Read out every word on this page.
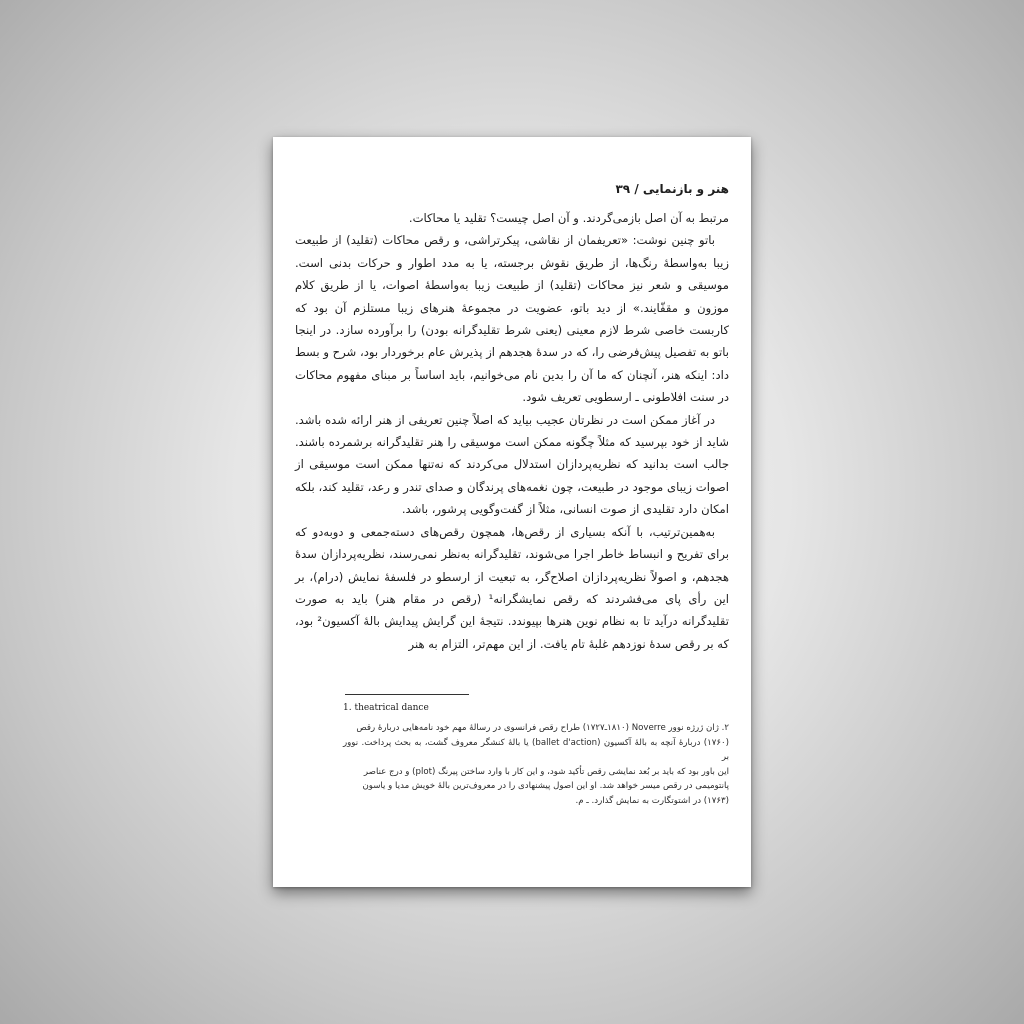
هنر و بازنمایی / ۳۹

مرتبط به آن اصل بازمی‌گردند. و آن اصل چیست؟ تقلید یا محاکات.

باتو چنین نوشت: «تعریفمان از نقاشی، پیکرتراشی، و رقص محاکات (تقلید) از طبیعت زیبا به‌واسطهٔ رنگ‌ها، از طریق نقوش برجسته، یا به مدد اطوار و حرکات بدنی است. موسیقی و شعر نیز محاکات (تقلید) از طبیعت زیبا به‌واسطهٔ اصوات، یا از طریق کلام موزون و مقفّایند.» از دید باتو، عضویت در مجموعهٔ هنرهای زیبا مستلزم آن بود که کاربست خاصی شرط لازم معینی (یعنی شرط تقلیدگرانه بودن) را برآورده سازد. در اینجا باتو به تفصیل پیش‌فرضی را، که در سدهٔ هجدهم از پذیرش عام برخوردار بود، شرح و بسط داد: اینکه هنر، آنچنان که ما آن را بدین نام می‌خوانیم، باید اساساً بر مبنای مفهوم محاکات در سنت افلاطونی ـ ارسطویی تعریف شود.

در آغاز ممکن است در نظرتان عجیب بیاید که اصلاً چنین تعریفی از هنر ارائه شده باشد. شاید از خود بپرسید که مثلاً چگونه ممکن است موسیقی را هنر تقلیدگرانه برشمرده باشند. جالب است بدانید که نظریه‌پردازان استدلال می‌کردند که نه‌تنها ممکن است موسیقی از اصوات زیبای موجود در طبیعت، چون نغمه‌های پرندگان و صدای تندر و رعد، تقلید کند، بلکه امکان دارد تقلیدی از صوت انسانی، مثلاً از گفت‌وگویی پرشور، باشد.

به‌همین‌ترتیب، با آنکه بسیاری از رقص‌ها، همچون رقص‌های دسته‌جمعی و دوبه‌دو که برای تفریح و انبساط خاطر اجرا می‌شوند، تقلیدگرانه به‌نظر نمی‌رسند، نظریه‌پردازان سدهٔ هجدهم، و اصولاً نظریه‌پردازان اصلاح‌گر، به تبعیت از ارسطو در فلسفهٔ نمایش (درام)، بر این رأی پای می‌فشردند که رقص نمایشگرانه¹ (رقص در مقام هنر) باید به صورت تقلیدگرانه درآید تا به نظام نوین هنرها بپیوندد. نتیجهٔ این گرایش پیدایش بالهٔ آکسیون² بود، که بر رقص سدهٔ نوزدهم غلبهٔ تام یافت. از این مهم‌تر، التزام به هنر

1. theatrical dance

۲. ژان ژرژه نوور Noverre (۱۸۱۰ـ۱۷۲۷) طراح رقص فرانسوی در رسالهٔ مهم خود نامه‌هایی دربارهٔ رقص

(۱۷۶۰) دربارهٔ آنچه به بالهٔ آکسیون (ballet d'action) یا بالهٔ کنشگر معروف گشت، به بحث پرداخت. نوور بر

این باور بود که باید بر بُعد نمایشی رقص تأکید شود، و این کار با وارد ساختن پیرنگ (plot) و درج عناصر

پانتومیمی در رقص میسر خواهد شد. او این اصول پیشنهادی را در معروف‌ترین بالهٔ خویش مدیا و یاسون

(۱۷۶۳) در اشتوتگارت به نمایش گذارد. ـ م.
